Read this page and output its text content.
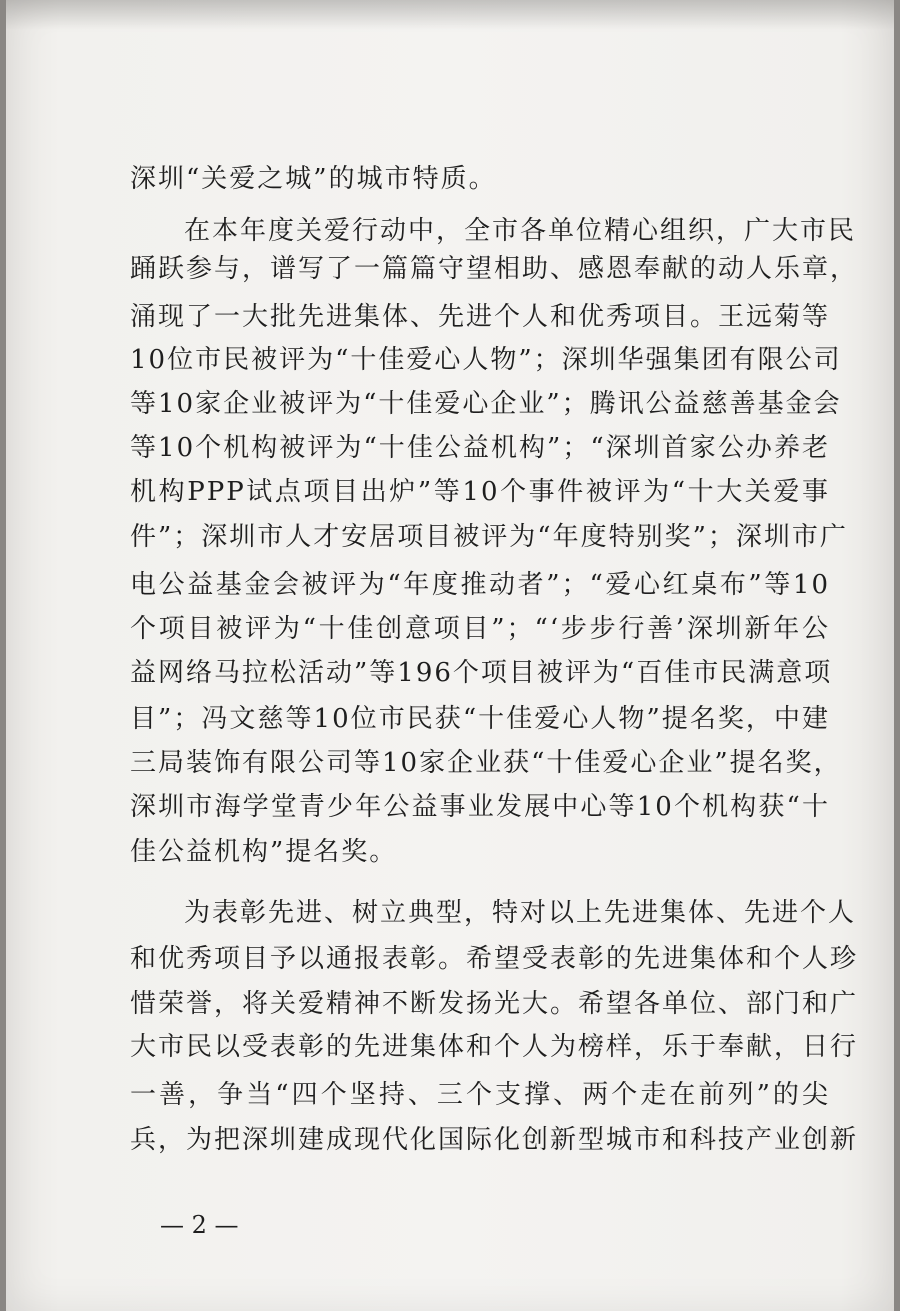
深圳“关爱之城”的城市特质。
在本年度关爱行动中，全市各单位精心组织，广大市民
踊跃参与，谱写了一篇篇守望相助、感恩奉献的动人乐章，
涌现了一大批先进集体、先进个人和优秀项目。王远菊等
10位市民被评为“十佳爱心人物”；深圳华强集团有限公司
等10家企业被评为“十佳爱心企业”；腾讯公益慈善基金会
等10个机构被评为“十佳公益机构”；“深圳首家公办养老
机构PPP试点项目出炉”等10个事件被评为“十大关爱事
件”；深圳市人才安居项目被评为“年度特别奖”；深圳市广
电公益基金会被评为“年度推动者”；“爱心红桌布”等10
个项目被评为“十佳创意项目”；“‘步步行善’深圳新年公
益网络马拉松活动”等196个项目被评为“百佳市民满意项
目”；冯文慈等10位市民获“十佳爱心人物”提名奖，中建
三局装饰有限公司等10家企业获“十佳爱心企业”提名奖，
深圳市海学堂青少年公益事业发展中心等10个机构获“十
佳公益机构”提名奖。
为表彰先进、树立典型，特对以上先进集体、先进个人
和优秀项目予以通报表彰。希望受表彰的先进集体和个人珍
惜荣誉，将关爱精神不断发扬光大。希望各单位、部门和广
大市民以受表彰的先进集体和个人为榜样，乐于奉献，日行
一善，争当“四个坚持、三个支撑、两个走在前列”的尖
兵，为把深圳建成现代化国际化创新型城市和科技产业创新
— 2 —
